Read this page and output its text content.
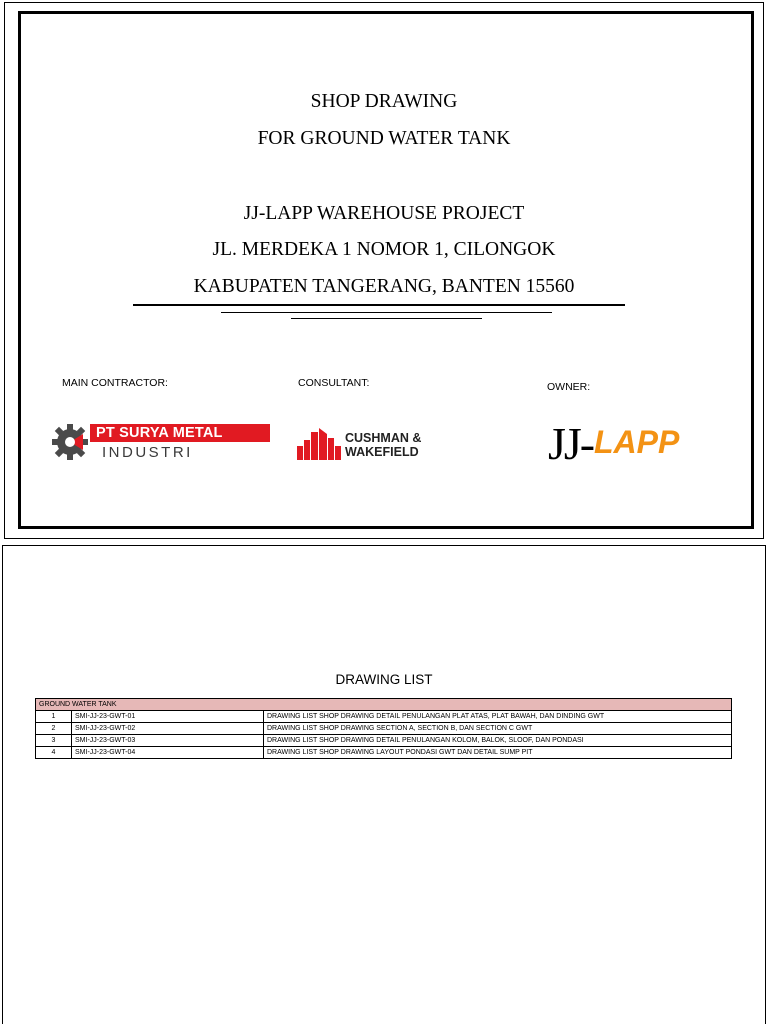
SHOP DRAWING
FOR GROUND WATER TANK
JJ-LAPP WAREHOUSE PROJECT
JL. MERDEKA 1 NOMOR 1, CILONGOK
KABUPATEN TANGERANG, BANTEN 15560
MAIN CONTRACTOR:	CONSULTANT:	OWNER:
PT SURYA METAL
INDUSTRI
CUSHMAN &
WAKEFIELD	JJ- LAPP
DRAWING LIST
GROUND WATER TANK		
1	SMI-JJ-23-GWT-01	DRAWING LIST SHOP DRAWING DETAIL PENULANGAN PLAT ATAS, PLAT BAWAH, DAN DINDING GWT
2	SMI-JJ-23-GWT-02	DRAWING LIST SHOP DRAWING SECTION A, SECTION B, DAN SECTION C GWT
3	SMI-JJ-23-GWT-03	DRAWING LIST SHOP DRAWING DETAIL PENULANGAN KOLOM, BALOK, SLOOF, DAN PONDASI
4	SMI-JJ-23-GWT-04	DRAWING LIST SHOP DRAWING LAYOUT PONDASI GWT DAN DETAIL SUMP PIT
